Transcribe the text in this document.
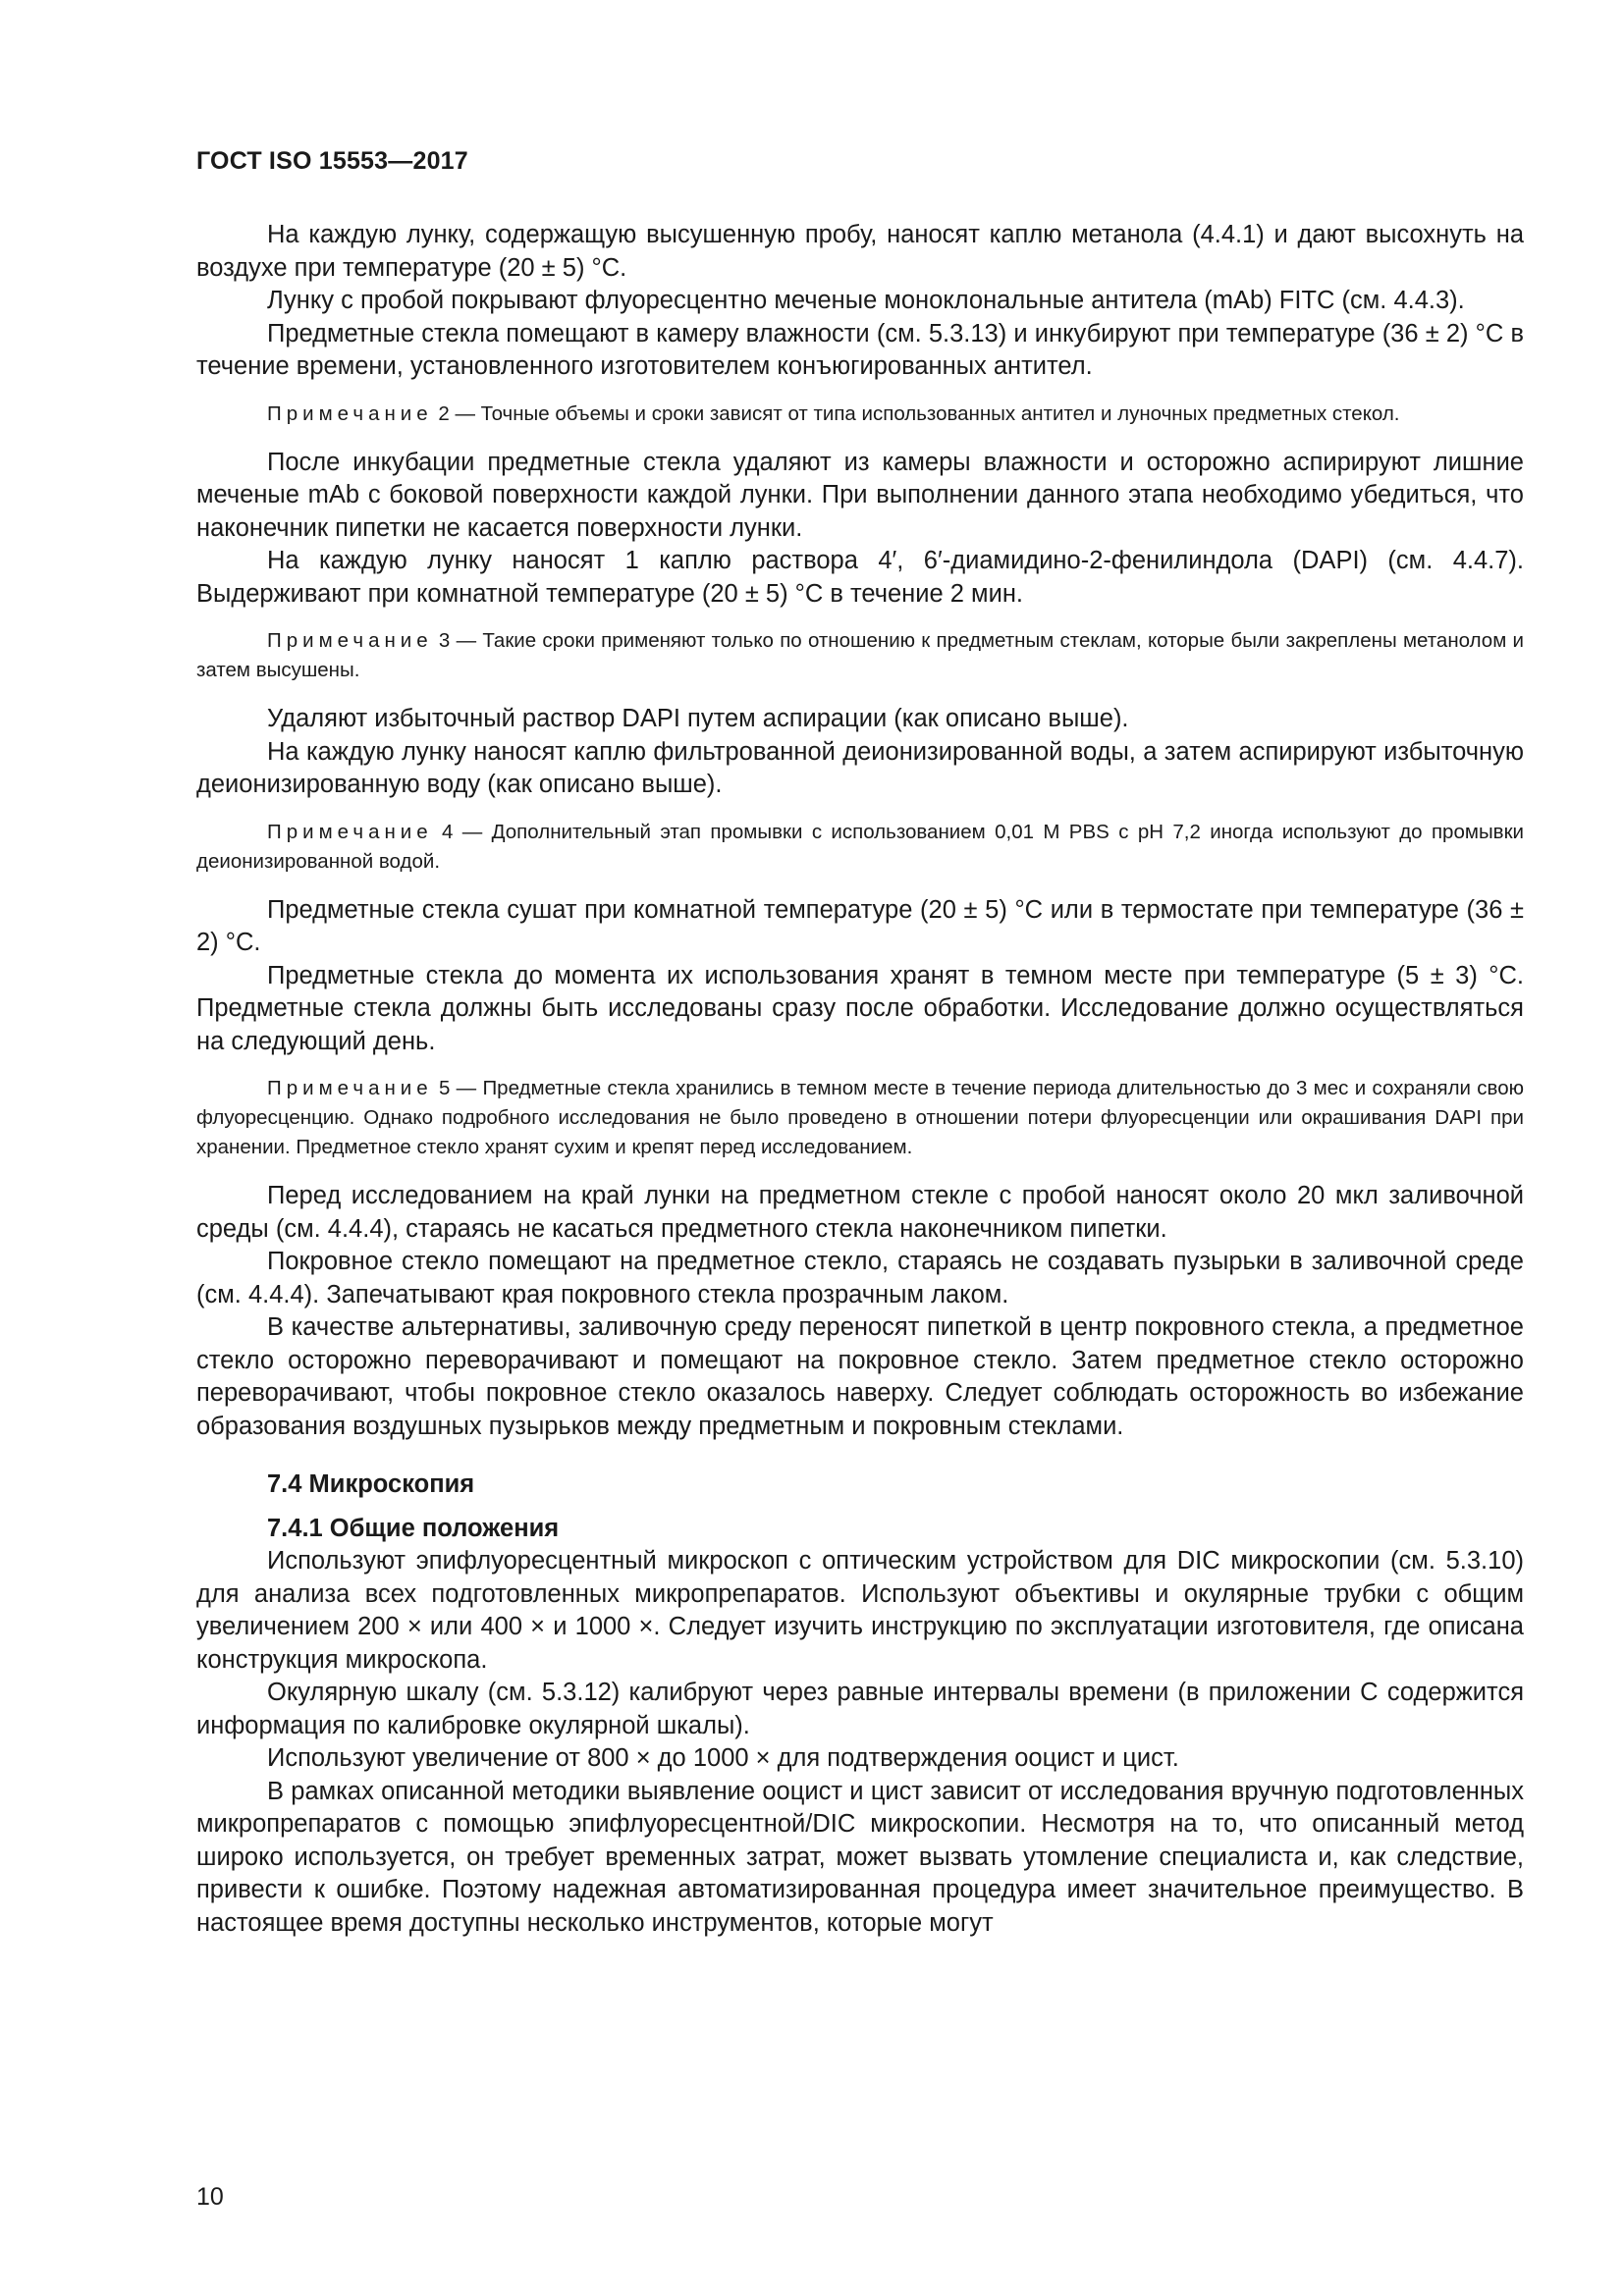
ГОСТ ISO 15553—2017

На каждую лунку, содержащую высушенную пробу, наносят каплю метанола (4.4.1) и дают высохнуть на воздухе при температуре (20 ± 5) °С.

Лунку с пробой покрывают флуоресцентно меченые моноклональные антитела (mAb) FITC (см. 4.4.3).

Предметные стекла помещают в камеру влажности (см. 5.3.13) и инкубируют при температуре (36 ± 2) °С в течение времени, установленного изготовителем конъюгированных антител.

Примечание 2 — Точные объемы и сроки зависят от типа использованных антител и луночных предметных стекол.

После инкубации предметные стекла удаляют из камеры влажности и осторожно аспирируют лишние меченые mAb с боковой поверхности каждой лунки. При выполнении данного этапа необходимо убедиться, что наконечник пипетки не касается поверхности лунки.

На каждую лунку наносят 1 каплю раствора 4′, 6′-диамидино-2-фенилиндола (DAPI) (см. 4.4.7). Выдерживают при комнатной температуре (20 ± 5) °С в течение 2 мин.

Примечание 3 — Такие сроки применяют только по отношению к предметным стеклам, которые были закреплены метанолом и затем высушены.

Удаляют избыточный раствор DAPI путем аспирации (как описано выше).

На каждую лунку наносят каплю фильтрованной деионизированной воды, а затем аспирируют избыточную деионизированную воду (как описано выше).

Примечание 4 — Дополнительный этап промывки с использованием 0,01 М PBS с pH 7,2 иногда используют до промывки деионизированной водой.

Предметные стекла сушат при комнатной температуре (20 ± 5) °С или в термостате при температуре (36 ± 2) °С.

Предметные стекла до момента их использования хранят в темном месте при температуре (5 ± 3) °С. Предметные стекла должны быть исследованы сразу после обработки. Исследование должно осуществляться на следующий день.

Примечание 5 — Предметные стекла хранились в темном месте в течение периода длительностью до 3 мес и сохраняли свою флуоресценцию. Однако подробного исследования не было проведено в отношении потери флуоресценции или окрашивания DAPI при хранении. Предметное стекло хранят сухим и крепят перед исследованием.

Перед исследованием на край лунки на предметном стекле с пробой наносят около 20 мкл заливочной среды (см. 4.4.4), стараясь не касаться предметного стекла наконечником пипетки.

Покровное стекло помещают на предметное стекло, стараясь не создавать пузырьки в заливочной среде (см. 4.4.4). Запечатывают края покровного стекла прозрачным лаком.

В качестве альтернативы, заливочную среду переносят пипеткой в центр покровного стекла, а предметное стекло осторожно переворачивают и помещают на покровное стекло. Затем предметное стекло осторожно переворачивают, чтобы покровное стекло оказалось наверху. Следует соблюдать осторожность во избежание образования воздушных пузырьков между предметным и покровным стеклами.

7.4 Микроскопия

7.4.1 Общие положения

Используют эпифлуоресцентный микроскоп с оптическим устройством для DIC микроскопии (см. 5.3.10) для анализа всех подготовленных микропрепаратов. Используют объективы и окулярные трубки с общим увеличением 200 × или 400 × и 1000 ×. Следует изучить инструкцию по эксплуатации изготовителя, где описана конструкция микроскопа.

Окулярную шкалу (см. 5.3.12) калибруют через равные интервалы времени (в приложении С содержится информация по калибровке окулярной шкалы).

Используют увеличение от 800 × до 1000 × для подтверждения ооцист и цист.

В рамках описанной методики выявление ооцист и цист зависит от исследования вручную подготовленных микропрепаратов с помощью эпифлуоресцентной/DIC микроскопии. Несмотря на то, что описанный метод широко используется, он требует временных затрат, может вызвать утомление специалиста и, как следствие, привести к ошибке. Поэтому надежная автоматизированная процедура имеет значительное преимущество. В настоящее время доступны несколько инструментов, которые могут

10
